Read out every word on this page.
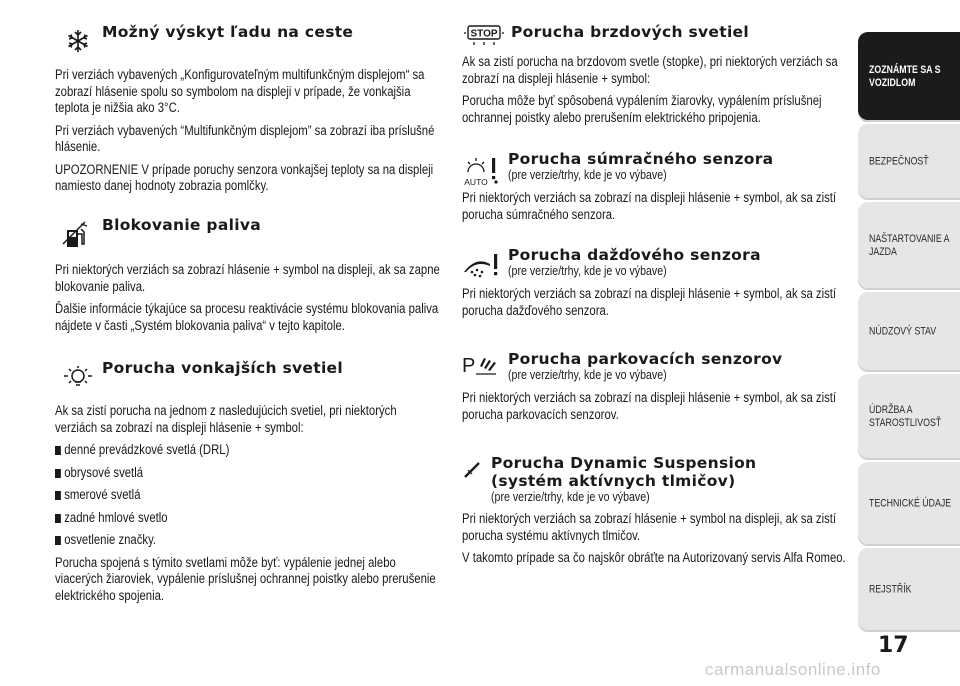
Možný výskyt ľadu na ceste

Pri verziách vybavených „Konfigurovateľným multifunkčným displejom“ sa zobrazí hlásenie spolu so symbolom na displeji v prípade, že vonkajšia teplota je nižšia ako 3°C.

Pri verziách vybavených “Multifunkčným displejom” sa zobrazí iba príslušné hlásenie.

UPOZORNENIE V prípade poruchy senzora vonkajšej teploty sa na displeji namiesto danej hodnoty zobrazia pomlčky.

Blokovanie paliva

Pri niektorých verziách sa zobrazí hlásenie + symbol na displeji, ak sa zapne blokovanie paliva.

Ďalšie informácie týkajúce sa procesu reaktivácie systému blokovania paliva nájdete v časti „Systém blokovania paliva“ v tejto kapitole.

Porucha vonkajších svetiel

Ak sa zistí porucha na jednom z nasledujúcich svetiel, pri niektorých verziách sa zobrazí na displeji hlásenie + symbol:

denné prevádzkové svetlá (DRL)
obrysové svetlá
smerové svetlá
zadné hmlové svetlo
osvetlenie značky.

Porucha spojená s týmito svetlami môže byť: vypálenie jednej alebo viacerých žiaroviek, vypálenie príslušnej ochrannej poistky alebo prerušenie elektrického spojenia.

STOP Porucha brzdových svetiel

Ak sa zistí porucha na brzdovom svetle (stopke), pri niektorých verziách sa zobrazí na displeji hlásenie + symbol:

Porucha môže byť spôsobená vypálením žiarovky, vypálením príslušnej ochrannej poistky alebo prerušením elektrického pripojenia.

AUTO
Porucha súmračného senzora
(pre verzie/trhy, kde je vo výbave)

Pri niektorých verziách sa zobrazí na displeji hlásenie + symbol, ak sa zistí porucha súmračného senzora.

Porucha dažďového senzora
(pre verzie/trhy, kde je vo výbave)

Pri niektorých verziách sa zobrazí na displeji hlásenie + symbol, ak sa zistí porucha dažďového senzora.

P Porucha parkovacích senzorov
(pre verzie/trhy, kde je vo výbave)

Pri niektorých verziách sa zobrazí na displeji hlásenie + symbol, ak sa zistí porucha parkovacích senzorov.

Porucha Dynamic Suspension
(systém aktívnych tlmičov)
(pre verzie/trhy, kde je vo výbave)

Pri niektorých verziách sa zobrazí hlásenie + symbol na displeji, ak sa zistí porucha systému aktívnych tlmičov.

V takomto prípade sa čo najskôr obráťte na Autorizovaný servis Alfa Romeo.

ZOZNÁMTE SA S
VOZIDLOM
BEZPEČNOSŤ
NAŠTARTOVANIE A
JAZDA
NÚDZOVÝ STAV
ÚDRŽBA A
STAROSTLIVOSŤ
TECHNICKÉ ÚDAJE
REJSTŘÍK
17
carmanualsonline.info
